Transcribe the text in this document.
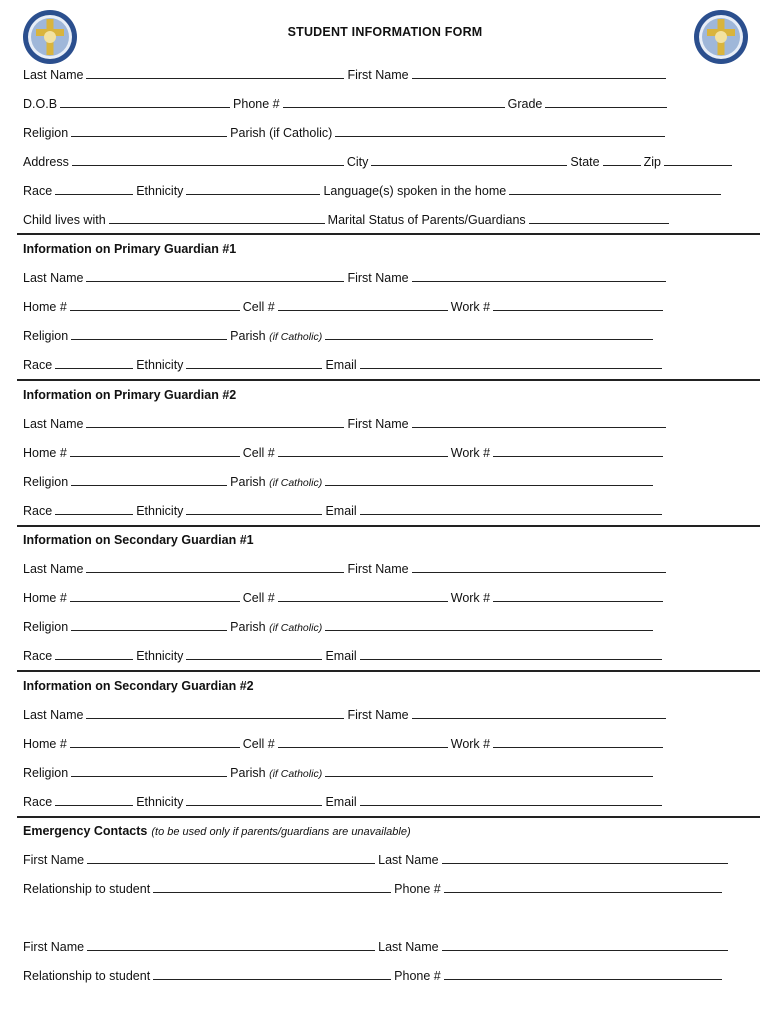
STUDENT INFORMATION FORM
Last Name	First Name
D.O.B	Phone #	Grade
Religion	Parish (if Catholic)
Address	City	State	Zip
Race	Ethnicity	Language(s) spoken in the home
Child lives with	Marital Status of Parents/Guardians
Information on Primary Guardian #1
Last Name	First Name
Home #	Cell #	Work #
Religion	Parish (if Catholic)
Race	Ethnicity	Email
Information on Primary Guardian #2
Last Name	First Name
Home #	Cell #	Work #
Religion	Parish (if Catholic)
Race	Ethnicity	Email
Information on Secondary Guardian #1
Last Name	First Name
Home #	Cell #	Work #
Religion	Parish (if Catholic)
Race	Ethnicity	Email
Information on Secondary Guardian #2
Last Name	First Name
Home #	Cell #	Work #
Religion	Parish (if Catholic)
Race	Ethnicity	Email
Emergency Contacts (to be used only if parents/guardians are unavailable)
First Name	Last Name
Relationship to student	Phone #
First Name	Last Name
Relationship to student	Phone #
